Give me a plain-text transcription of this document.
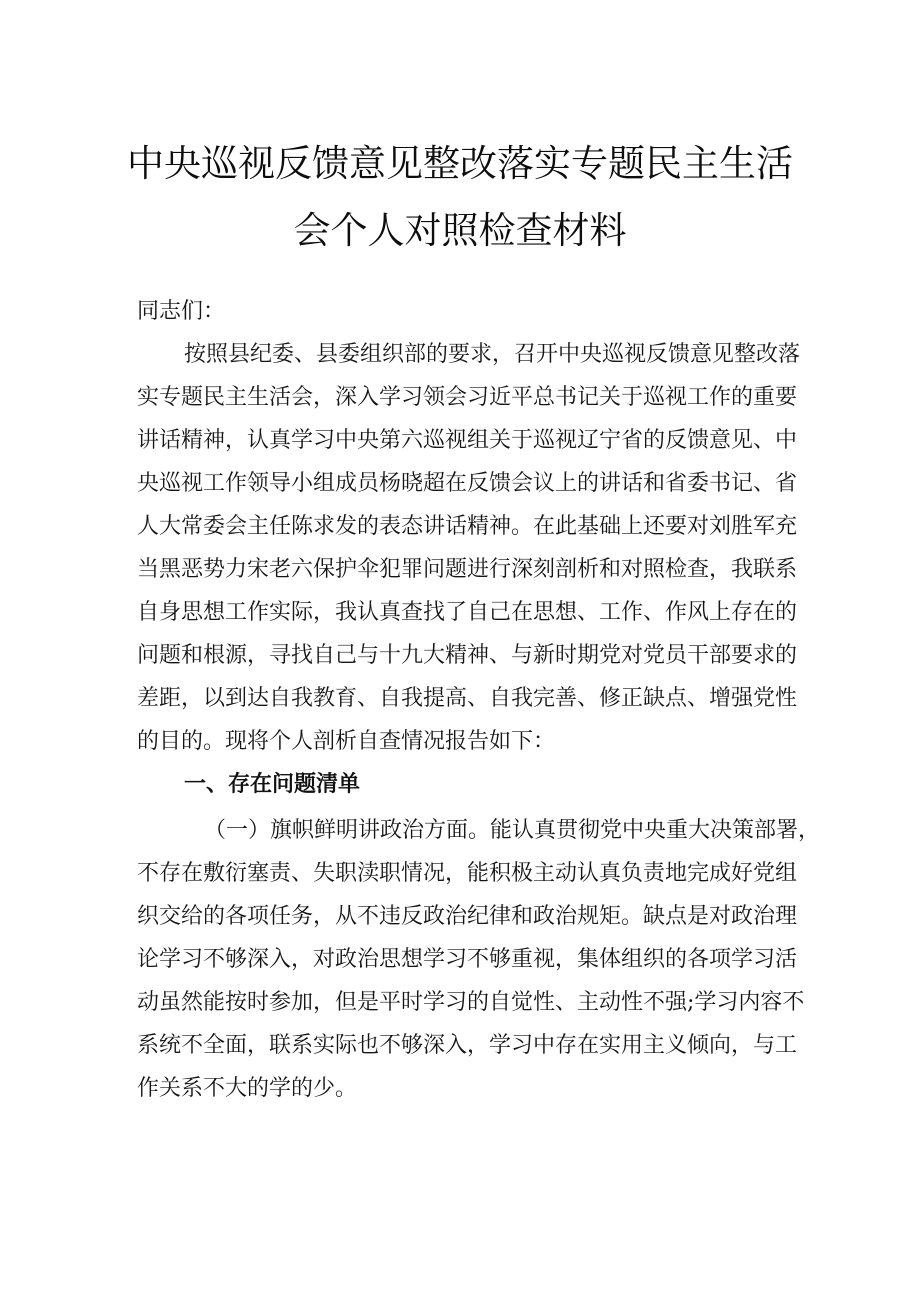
中央巡视反馈意见整改落实专题民主生活
会个人对照检查材料
同志们：
按照县纪委、县委组织部的要求，召开中央巡视反馈意见整改落
实专题民主生活会，深入学习领会习近平总书记关于巡视工作的重要
讲话精神，认真学习中央第六巡视组关于巡视辽宁省的反馈意见、中
央巡视工作领导小组成员杨晓超在反馈会议上的讲话和省委书记、省
人大常委会主任陈求发的表态讲话精神。在此基础上还要对刘胜军充
当黑恶势力宋老六保护伞犯罪问题进行深刻剖析和对照检查，我联系
自身思想工作实际，我认真查找了自己在思想、工作、作风上存在的
问题和根源，寻找自己与十九大精神、与新时期党对党员干部要求的
差距，以到达自我教育、自我提高、自我完善、修正缺点、增强党性
的目的。现将个人剖析自查情况报告如下：
一、存在问题清单
（一）旗帜鲜明讲政治方面。能认真贯彻党中央重大决策部署，
不存在敷衍塞责、失职渎职情况，能积极主动认真负责地完成好党组
织交给的各项任务，从不违反政治纪律和政治规矩。缺点是对政治理
论学习不够深入，对政治思想学习不够重视，集体组织的各项学习活
动虽然能按时参加，但是平时学习的自觉性、主动性不强;学习内容不
系统不全面，联系实际也不够深入，学习中存在实用主义倾向，与工
作关系不大的学的少。
